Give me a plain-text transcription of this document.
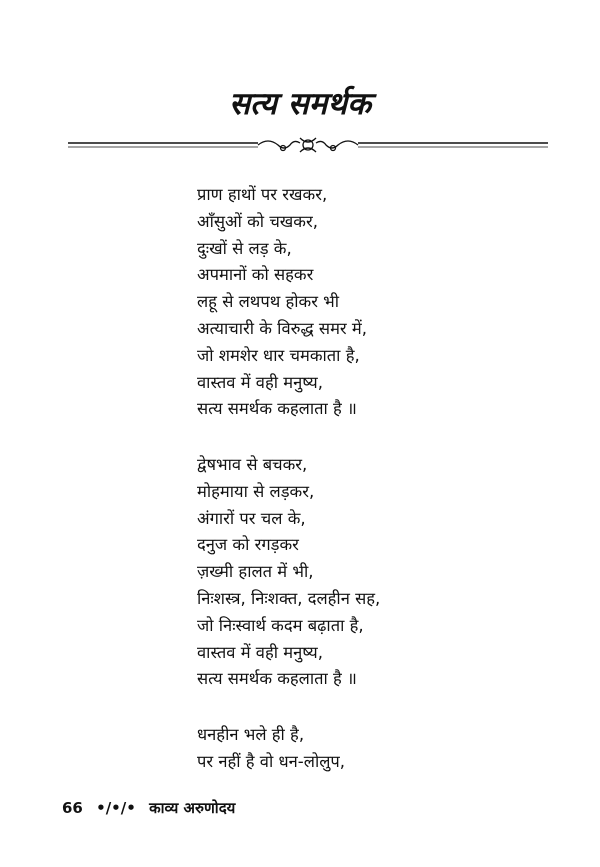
सत्य समर्थक
प्राण हाथों पर रखकर,
आँसुओं को चखकर,
दुःखों से लड़ के,
अपमानों को सहकर
लहू से लथपथ होकर भी
अत्याचारी के विरुद्ध समर में,
जो शमशेर धार चमकाता है,
वास्तव में वही मनुष्य,
सत्य समर्थक कहलाता है ॥
द्वेषभाव से बचकर,
मोहमाया से लड़कर,
अंगारों पर चल के,
दनुज को रगड़कर
ज़ख्मी हालत में भी,
निःशस्त्र, निःशक्त, दलहीन सह,
जो निःस्वार्थ कदम बढ़ाता है,
वास्तव में वही मनुष्य,
सत्य समर्थक कहलाता है ॥
धनहीन भले ही है,
पर नहीं है वो धन-लोलुप,
66 •/•/• काव्य अरुणोदय
